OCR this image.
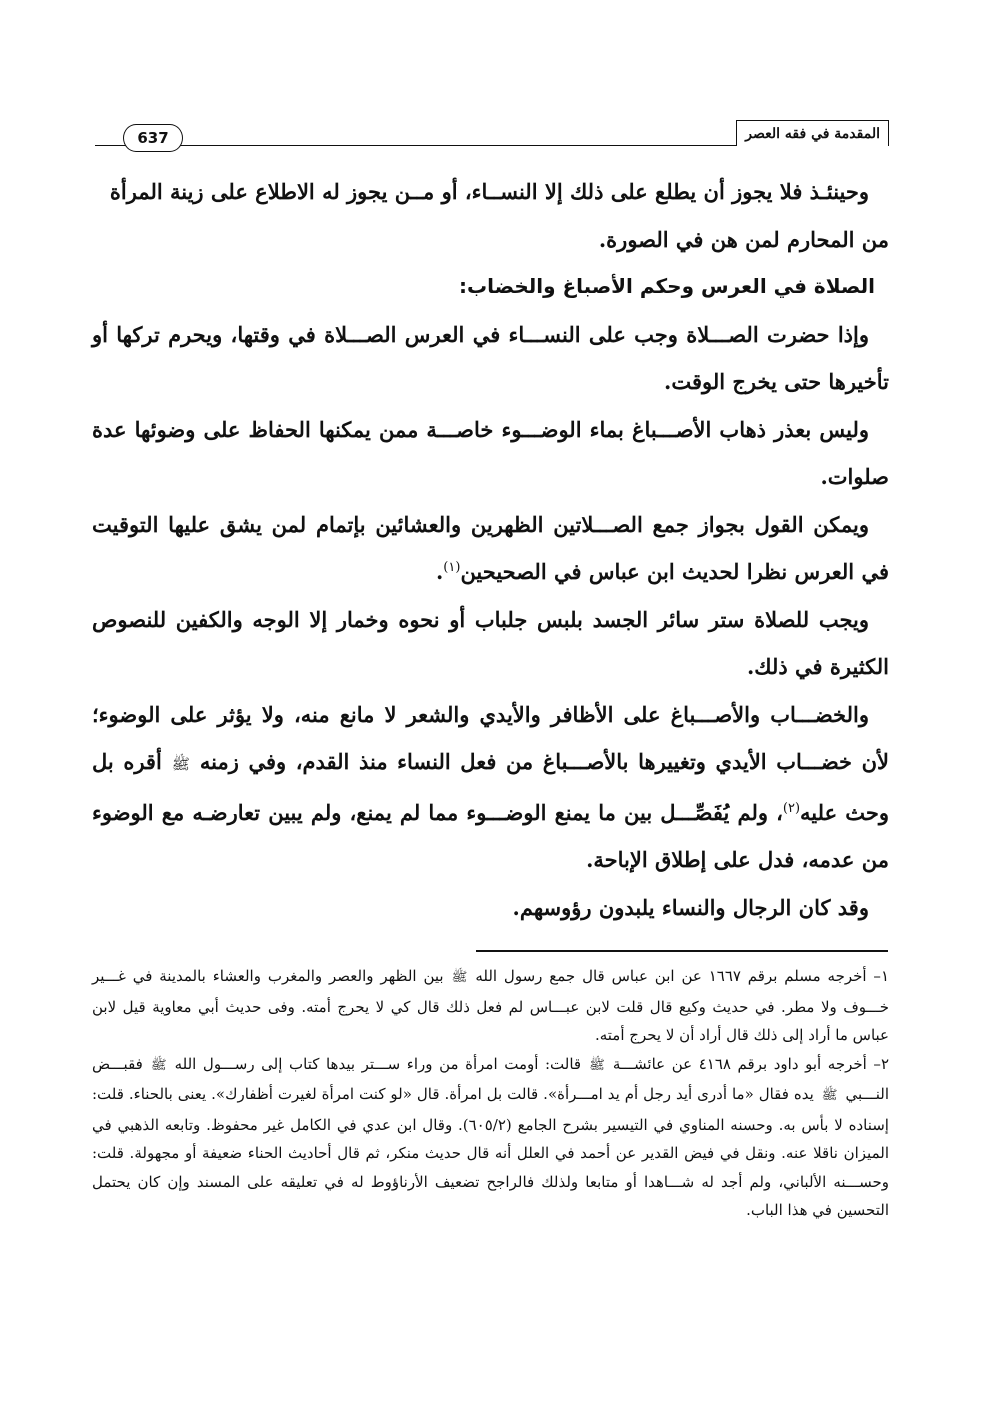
637	المقدمة في فقه العصر

وحينئـذ فلا يجوز أن يطلع على ذلك إلا النســاء، أو مــن يجوز له الاطلاع على زينة المرأة
من المحارم لمن هن في الصورة.

الصلاة في العرس وحكم الأصباغ والخضاب:

وإذا حضرت الصـــلاة وجب على النســـاء في العرس الصـــلاة في وقتها، ويحرم تركها أو تأخيرها حتى يخرج الوقت.

وليس بعذر ذهاب الأصـــباغ بماء الوضـــوء خاصـــة ممن يمكنها الحفاظ على وضوئها عدة صلوات.

ويمكن القول بجواز جمع الصـــلاتين الظهرين والعشائين بإتمام لمن يشق عليها التوقيت في العرس نظرا لحديث ابن عباس في الصحيحين$^{(١)}$.

ويجب للصلاة ستر سائر الجسد بلبس جلباب أو نحوه وخمار إلا الوجه والكفين للنصوص الكثيرة في ذلك.

والخضـــاب والأصـــباغ على الأظافر والأيدي والشعر لا مانع منه، ولا يؤثر على الوضوء؛ لأن خضـــاب الأيدي وتغييرها بالأصـــباغ من فعل النساء منذ القدم، وفي زمنهﷺأقره بل وحث عليه$^{(٢)}$، ولم يُفَصِّـــل بين ما يمنع الوضـــوء مما لم يمنع، ولم يبين تعارضـه مع الوضوء من عدمه، فدل على إطلاق الإباحة.

وقد كان الرجال والنساء يلبدون رؤوسهم.

١– أخرجه مسلم برقم ١٦٦٧ عن ابن عباس قال جمع رسول اللهﷺبين الظهر والعصر والمغرب والعشاء بالمدينة في غـــير خـــوف ولا مطر. في حديث وكيع قال قلت لابن عبـــاس لم فعل ذلك قال كي لا يحرج أمته. وفى حديث أبي معاوية قيل لابن عباس ما أراد إلى ذلك قال أراد أن لا يحرج أمته.

٢– أخرجه أبو داود برقم ٤١٦٨ عن عائشـــةﷺقالت: أومت امرأة من وراء ســـتر بيدها كتاب إلى رســـول اللهﷺفقبـــض النـــبيﷺيده فقال «ما أدرى أيد رجل أم يد امـــرأة». قالت بل امرأة. قال «لو كنت امرأة لغيرت أظفارك». يعنى بالحناء. قلت: إسناده لا بأس به. وحسنه المناوي في التيسير بشرح الجامع (٦٠٥/٢). وقال ابن عدي في الكامل غير محفوظ. وتابعه الذهبي في الميزان ناقلا عنه. ونقل في فيض القدير عن أحمد في العلل أنه قال حديث منكر، ثم قال أحاديث الحناء ضعيفة أو مجهولة. قلت: وحســـنه الألباني، ولم أجد له شـــاهدا أو متابعا ولذلك فالراجح تضعيف الأرناؤوط له في تعليقه على المسند وإن كان يحتمل التحسين في هذا الباب.
